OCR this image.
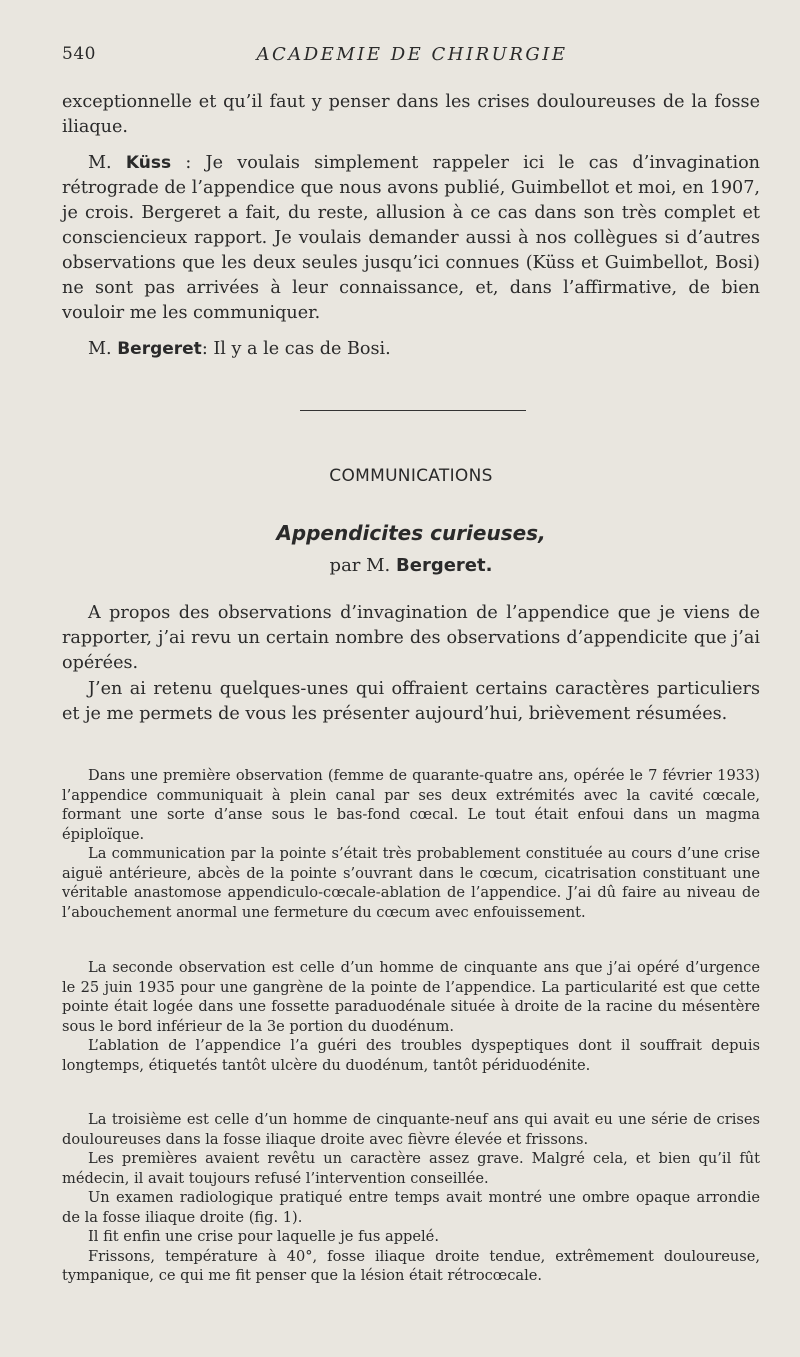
540	ACADEMIE DE CHIRURGIE

exceptionnelle et qu’il faut y penser dans les crises douloureuses de la fosse iliaque.

M. Küss : Je voulais simplement rappeler ici le cas d’invagination rétrograde de l’appendice que nous avons publié, Guimbellot et moi, en 1907, je crois. Bergeret a fait, du reste, allusion à ce cas dans son très complet et consciencieux rapport. Je voulais demander aussi à nos collègues si d’autres observations que les deux seules jusqu’ici connues (Küss et Guimbellot, Bosi) ne sont pas arrivées à leur connaissance, et, dans l’affirmative, de bien vouloir me les communiquer.

M. Bergeret: Il y a le cas de Bosi.

COMMUNICATIONS
Appendicites curieuses,
par M. Bergeret.

A propos des observations d’invagination de l’appendice que je viens de rapporter, j’ai revu un certain nombre des observations d’appendicite que j’ai opérées.

J’en ai retenu quelques-unes qui offraient certains caractères particuliers et je me permets de vous les présenter aujourd’hui, brièvement résumées.

Dans une première observation (femme de quarante-quatre ans, opérée le 7 février 1933) l’appendice communiquait à plein canal par ses deux extrémités avec la cavité cœcale, formant une sorte d’anse sous le bas-fond cœcal. Le tout était enfoui dans un magma épiploïque.

La communication par la pointe s’était très probablement constituée au cours d’une crise aiguë antérieure, abcès de la pointe s’ouvrant dans le cœcum, cicatrisation constituant une véritable anastomose appendiculo-cœcale-ablation de l’appendice. J’ai dû faire au niveau de l’abouchement anormal une fermeture du cœcum avec enfouissement.

La seconde observation est celle d’un homme de cinquante ans que j’ai opéré d’urgence le 25 juin 1935 pour une gangrène de la pointe de l’appendice. La particularité est que cette pointe était logée dans une fossette paraduodénale située à droite de la racine du mésentère sous le bord inférieur de la 3e portion du duodénum.

L’ablation de l’appendice l’a guéri des troubles dyspeptiques dont il souffrait depuis longtemps, étiquetés tantôt ulcère du duodénum, tantôt périduodénite.

La troisième est celle d’un homme de cinquante-neuf ans qui avait eu une série de crises douloureuses dans la fosse iliaque droite avec fièvre élevée et frissons.

Les premières avaient revêtu un caractère assez grave. Malgré cela, et bien qu’il fût médecin, il avait toujours refusé l’intervention conseillée.

Un examen radiologique pratiqué entre temps avait montré une ombre opaque arrondie de la fosse iliaque droite (fig. 1).

Il fit enfin une crise pour laquelle je fus appelé.

Frissons, température à 40°, fosse iliaque droite tendue, extrêmement douloureuse, tympanique, ce qui me fit penser que la lésion était rétrocœcale.
